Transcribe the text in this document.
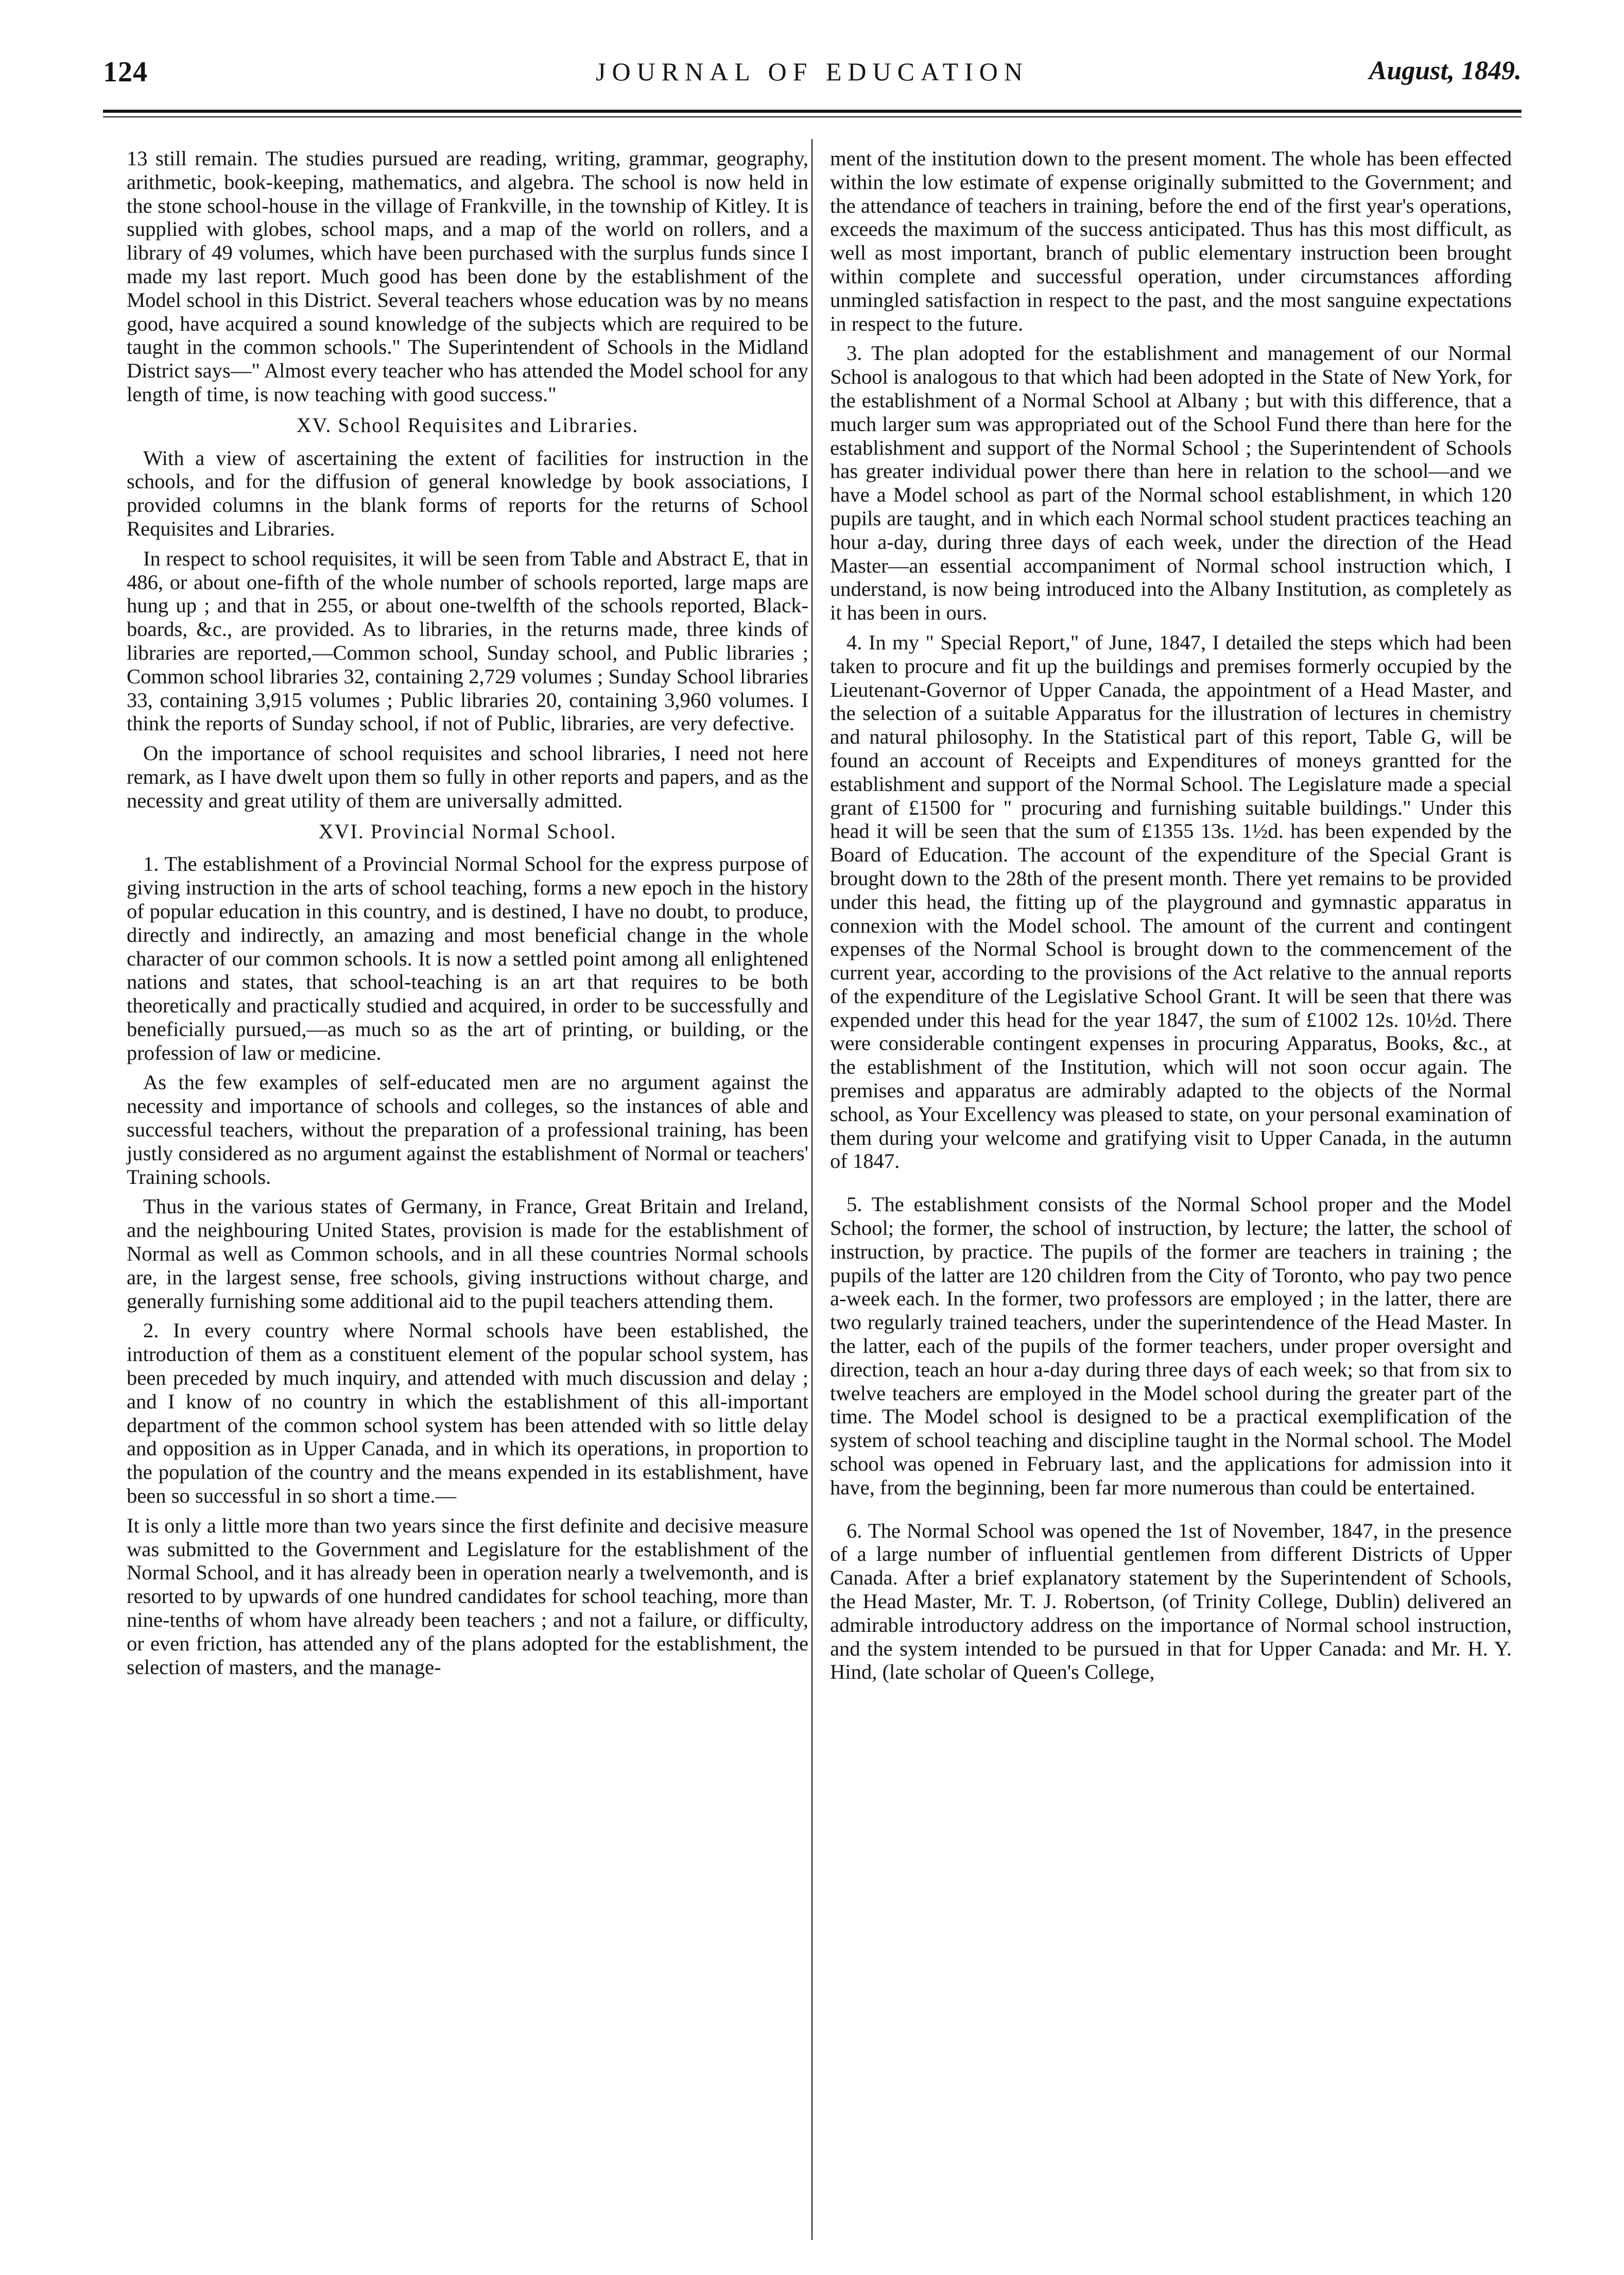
124	JOURNAL OF EDUCATION	August, 1849.

13 still remain. The studies pursued are reading, writing, grammar, geography, arithmetic, book-keeping, mathematics, and algebra. The school is now held in the stone school-house in the village of Frankville, in the township of Kitley. It is supplied with globes, school maps, and a map of the world on rollers, and a library of 49 volumes, which have been purchased with the surplus funds since I made my last report. Much good has been done by the establishment of the Model school in this District. Several teachers whose education was by no means good, have acquired a sound knowledge of the subjects which are required to be taught in the common schools." The Superintendent of Schools in the Midland District says—" Almost every teacher who has attended the Model school for any length of time, is now teaching with good success."

XV. School Requisites and Libraries.

With a view of ascertaining the extent of facilities for instruction in the schools, and for the diffusion of general knowledge by book associations, I provided columns in the blank forms of reports for the returns of School Requisites and Libraries.

In respect to school requisites, it will be seen from Table and Abstract E, that in 486, or about one-fifth of the whole number of schools reported, large maps are hung up ; and that in 255, or about one-twelfth of the schools reported, Black-boards, &c., are provided. As to libraries, in the returns made, three kinds of libraries are reported,—Common school, Sunday school, and Public libraries ; Common school libraries 32, containing 2,729 volumes ; Sunday School libraries 33, containing 3,915 volumes ; Public libraries 20, containing 3,960 volumes. I think the reports of Sunday school, if not of Public, libraries, are very defective.

On the importance of school requisites and school libraries, I need not here remark, as I have dwelt upon them so fully in other reports and papers, and as the necessity and great utility of them are universally admitted.

XVI. Provincial Normal School.

1. The establishment of a Provincial Normal School for the express purpose of giving instruction in the arts of school teaching, forms a new epoch in the history of popular education in this country, and is destined, I have no doubt, to produce, directly and indirectly, an amazing and most beneficial change in the whole character of our common schools. It is now a settled point among all enlightened nations and states, that school-teaching is an art that requires to be both theoretically and practically studied and acquired, in order to be successfully and beneficially pursued,—as much so as the art of printing, or building, or the profession of law or medicine.

As the few examples of self-educated men are no argument against the necessity and importance of schools and colleges, so the instances of able and successful teachers, without the preparation of a professional training, has been justly considered as no argument against the establishment of Normal or teachers' Training schools.

Thus in the various states of Germany, in France, Great Britain and Ireland, and the neighbouring United States, provision is made for the establishment of Normal as well as Common schools, and in all these countries Normal schools are, in the largest sense, free schools, giving instructions without charge, and generally furnishing some additional aid to the pupil teachers attending them.

2. In every country where Normal schools have been established, the introduction of them as a constituent element of the popular school system, has been preceded by much inquiry, and attended with much discussion and delay ; and I know of no country in which the establishment of this all-important department of the common school system has been attended with so little delay and opposition as in Upper Canada, and in which its operations, in proportion to the population of the country and the means expended in its establishment, have been so successful in so short a time.—

It is only a little more than two years since the first definite and decisive measure was submitted to the Government and Legislature for the establishment of the Normal School, and it has already been in operation nearly a twelvemonth, and is resorted to by upwards of one hundred candidates for school teaching, more than nine-tenths of whom have already been teachers ; and not a failure, or difficulty, or even friction, has attended any of the plans adopted for the establishment, the selection of masters, and the manage-

ment of the institution down to the present moment. The whole has been effected within the low estimate of expense originally submitted to the Government; and the attendance of teachers in training, before the end of the first year's operations, exceeds the maximum of the success anticipated. Thus has this most difficult, as well as most important, branch of public elementary instruction been brought within complete and successful operation, under circumstances affording unmingled satisfaction in respect to the past, and the most sanguine expectations in respect to the future.

3. The plan adopted for the establishment and management of our Normal School is analogous to that which had been adopted in the State of New York, for the establishment of a Normal School at Albany ; but with this difference, that a much larger sum was appropriated out of the School Fund there than here for the establishment and support of the Normal School ; the Superintendent of Schools has greater individual power there than here in relation to the school—and we have a Model school as part of the Normal school establishment, in which 120 pupils are taught, and in which each Normal school student practices teaching an hour a-day, during three days of each week, under the direction of the Head Master—an essential accompaniment of Normal school instruction which, I understand, is now being introduced into the Albany Institution, as completely as it has been in ours.

4. In my " Special Report," of June, 1847, I detailed the steps which had been taken to procure and fit up the buildings and premises formerly occupied by the Lieutenant-Governor of Upper Canada, the appointment of a Head Master, and the selection of a suitable Apparatus for the illustration of lectures in chemistry and natural philosophy. In the Statistical part of this report, Table G, will be found an account of Receipts and Expenditures of moneys grantted for the establishment and support of the Normal School. The Legislature made a special grant of £1500 for " procuring and furnishing suitable buildings." Under this head it will be seen that the sum of £1355 13s. 1½d. has been expended by the Board of Education. The account of the expenditure of the Special Grant is brought down to the 28th of the present month. There yet remains to be provided under this head, the fitting up of the playground and gymnastic apparatus in connexion with the Model school. The amount of the current and contingent expenses of the Normal School is brought down to the commencement of the current year, according to the provisions of the Act relative to the annual reports of the expenditure of the Legislative School Grant. It will be seen that there was expended under this head for the year 1847, the sum of £1002 12s. 10½d. There were considerable contingent expenses in procuring Apparatus, Books, &c., at the establishment of the Institution, which will not soon occur again. The premises and apparatus are admirably adapted to the objects of the Normal school, as Your Excellency was pleased to state, on your personal examination of them during your welcome and gratifying visit to Upper Canada, in the autumn of 1847.

5. The establishment consists of the Normal School proper and the Model School; the former, the school of instruction, by lecture; the latter, the school of instruction, by practice. The pupils of the former are teachers in training ; the pupils of the latter are 120 children from the City of Toronto, who pay two pence a-week each. In the former, two professors are employed ; in the latter, there are two regularly trained teachers, under the superintendence of the Head Master. In the latter, each of the pupils of the former teachers, under proper oversight and direction, teach an hour a-day during three days of each week; so that from six to twelve teachers are employed in the Model school during the greater part of the time. The Model school is designed to be a practical exemplification of the system of school teaching and discipline taught in the Normal school. The Model school was opened in February last, and the applications for admission into it have, from the beginning, been far more numerous than could be entertained.

6. The Normal School was opened the 1st of November, 1847, in the presence of a large number of influential gentlemen from different Districts of Upper Canada. After a brief explanatory statement by the Superintendent of Schools, the Head Master, Mr. T. J. Robertson, (of Trinity College, Dublin) delivered an admirable introductory address on the importance of Normal school instruction, and the system intended to be pursued in that for Upper Canada: and Mr. H. Y. Hind, (late scholar of Queen's College,
